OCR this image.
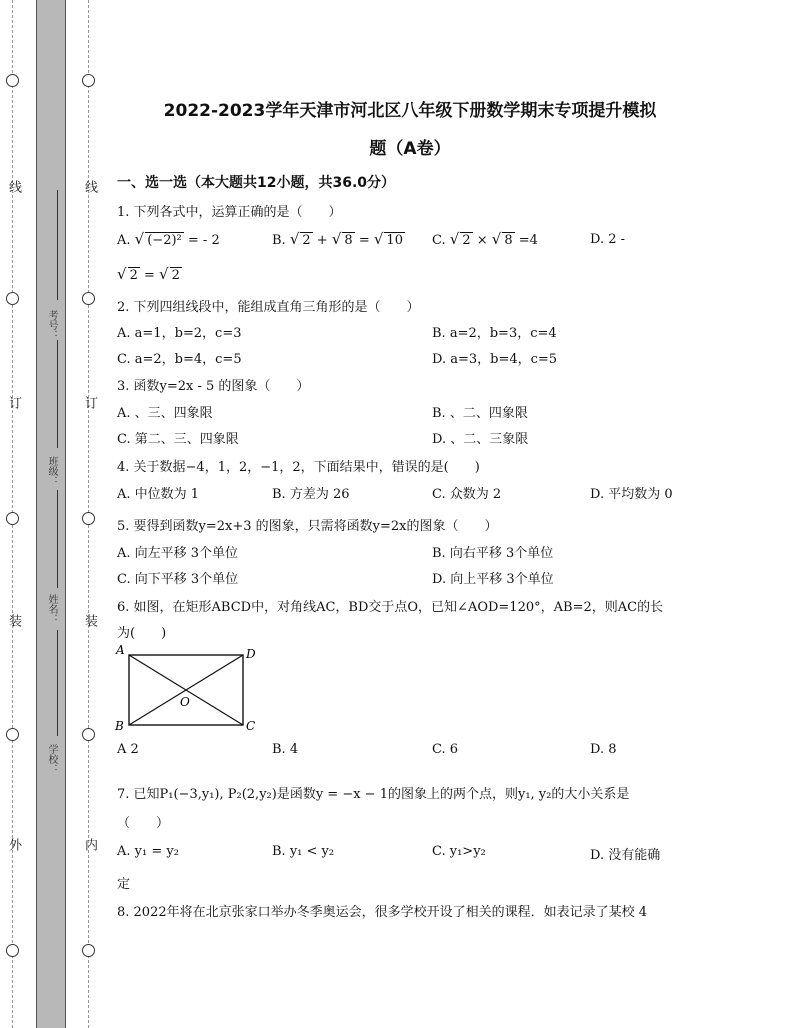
线
订
装
外
线
订
装
内
考号：
班级：
姓名：
学校：
2022-2023学年天津市河北区八年级下册数学期末专项提升模拟
题（A卷）
一、选一选（本大题共12小题，共36.0分）
1. 下列各式中，运算正确的是（　　）
A. √ (−2)² = - 2	B. √ 2 + √ 8 = √ 10 C. √ 2 × √ 8 =4	D. 2 -
√ 2 = √ 2
2. 下列四组线段中，能组成直角三角形的是（　　）
A. a=1，b=2，c=3	B. a=2，b=3，c=4
C. a=2，b=4，c=5	D. a=3，b=4，c=5
3. 函数y=2x - 5 的图象（　　）
A. 、三、四象限	B. 、二、四象限
C. 第二、三、四象限	D. 、二、三象限
4. 关于数据−4，1，2，−1，2，下面结果中，错误的是(　　)
A. 中位数为 1	B. 方差为 26	C. 众数为 2	D. 平均数为 0
5. 要得到函数y=2x+3 的图象，只需将函数y=2x的图象（　　）
A. 向左平移 3个单位	B. 向右平移 3个单位
C. 向下平移 3个单位	D. 向上平移 3个单位
6. 如图，在矩形ABCD中，对角线AC，BD交于点O，已知∠AOD=120°，AB=2，则AC的长
为(　　)
A	D
B	C
O
A 2	B. 4	C. 6	D. 8
7. 已知P₁(−3,y₁), P₂(2,y₂)是函数y = −x − 1的图象上的两个点，则y₁, y₂的大小关系是
（　　）
A. y₁ = y₂	B. y₁ < y₂	C. y₁>y₂	D. 没有能确
定
8. 2022年将在北京张家口举办冬季奥运会，很多学校开设了相关的课程．如表记录了某校 4
